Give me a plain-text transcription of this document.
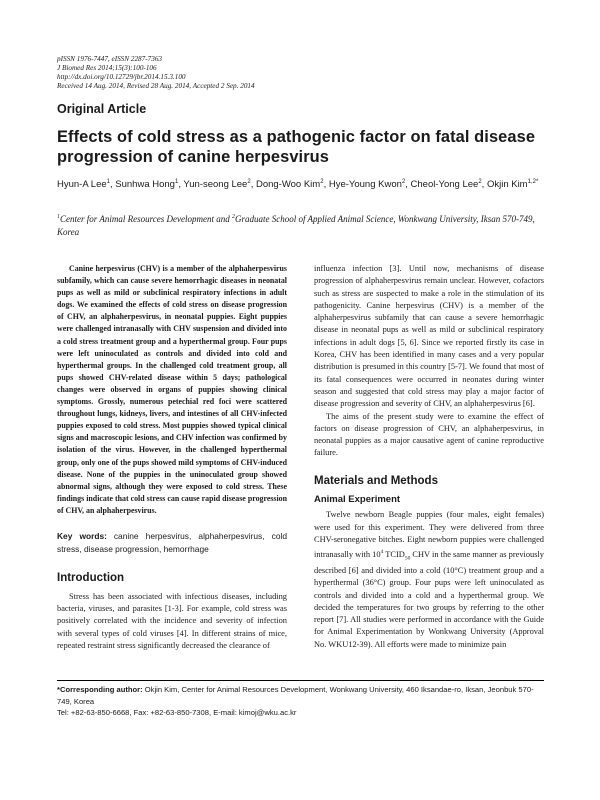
pISSN 1976-7447, eISSN 2287-7363
J Biomed Res 2014;15(3):100-106
http://dx.doi.org/10.12729/jbr.2014.15.3.100
Received 14 Aug. 2014, Revised 28 Aug. 2014, Accepted 2 Sep. 2014
Original Article
Effects of cold stress as a pathogenic factor on fatal disease progression of canine herpesvirus
Hyun-A Lee$^1$, Sunhwa Hong$^1$, Yun-seong Lee$^2$, Dong-Woo Kim$^2$, Hye-Young Kwon$^2$, Cheol-Yong Lee$^2$, Okjin Kim$^{1,2*}$
$^1$Center for Animal Resources Development and $^2$Graduate School of Applied Animal Science, Wonkwang University, Iksan 570-749, Korea

Canine herpesvirus (CHV) is a member of the alphaherpesvirus subfamily, which can cause severe hemorrhagic diseases in neonatal pups as well as mild or subclinical respiratory infections in adult dogs. We examined the effects of cold stress on disease progression of CHV, an alphaherpesvirus, in neonatal puppies. Eight puppies were challenged intranasally with CHV suspension and divided into a cold stress treatment group and a hyperthermal group. Four pups were left uninoculated as controls and divided into cold and hyperthermal groups. In the challenged cold treatment group, all pups showed CHV-related disease within 5 days; pathological changes were observed in organs of puppies showing clinical symptoms. Grossly, numerous petechial red foci were scattered throughout lungs, kidneys, livers, and intestines of all CHV-infected puppies exposed to cold stress. Most puppies showed typical clinical signs and macroscopic lesions, and CHV infection was confirmed by isolation of the virus. However, in the challenged hyperthermal group, only one of the pups showed mild symptoms of CHV-induced disease. None of the puppies in the uninoculated group showed abnormal signs, although they were exposed to cold stress. These findings indicate that cold stress can cause rapid disease progression of CHV, an alphaherpesvirus.

Key words: canine herpesvirus, alphaherpesvirus, cold stress, disease progression, hemorrhage
Introduction

Stress has been associated with infectious diseases, including bacteria, viruses, and parasites [1-3]. For example, cold stress was positively correlated with the incidence and severity of infection with several types of cold viruses [4]. In different strains of mice, repeated restraint stress significantly decreased the clearance of

influenza infection [3]. Until now, mechanisms of disease progression of alphaherpesvirus remain unclear. However, cofactors such as stress are suspected to make a role in the stimulation of its pathogenicity. Canine herpesvirus (CHV) is a member of the alphaherpesvirus subfamily that can cause a severe hemorrhagic disease in neonatal pups as well as mild or subclinical respiratory infections in adult dogs [5, 6]. Since we reported firstly its case in Korea, CHV has been identified in many cases and a very popular distribution is presumed in this country [5-7]. We found that most of its fatal consequences were occurred in neonates during winter season and suggested that cold stress may play a major factor of disease progression and severity of CHV, an alphaherpesvirus [6].

The aims of the present study were to examine the effect of factors on disease progression of CHV, an alphaherpesvirus, in neonatal puppies as a major causative agent of canine reproductive failure.

Materials and Methods
Animal Experiment

Twelve newborn Beagle puppies (four males, eight females) were used for this experiment. They were delivered from three CHV-seronegative bitches. Eight newborn puppies were challenged intranasally with $10^4$ $TCID_{50}$ CHV in the same manner as previously described [6] and divided into a cold (10°C) treatment group and a hyperthermal (36°C) group. Four pups were left uninoculated as controls and divided into a cold and a hyperthermal group. We decided the temperatures for two groups by referring to the other report [7]. All studies were performed in accordance with the Guide for Animal Experimentation by Wonkwang University (Approval No. WKU12-39). All efforts were made to minimize pain

*Corresponding author: Okjin Kim, Center for Animal Resources Development, Wonkwang University, 460 Iksandae-ro, Iksan, Jeonbuk 570-749, Korea
Tel: +82-63-850-6668, Fax: +82-63-850-7308, E-mail: kimoj@wku.ac.kr
